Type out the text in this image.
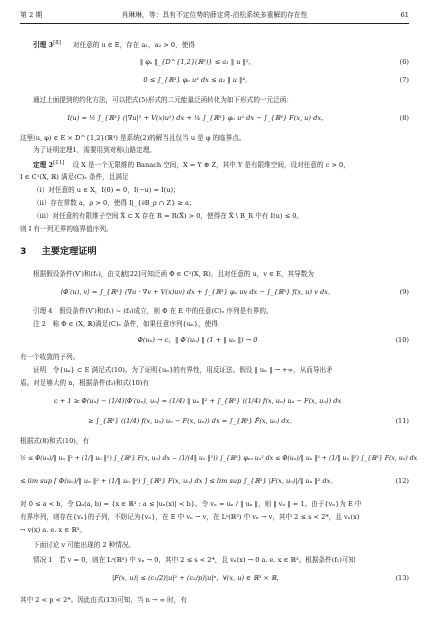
第 2 期	肖琳琳，等：具有不定位势的薛定谔-泊松系统多重解的存在性	61
引理 3[8] 对任意的 u ∈ E，存在 a₁，a₂ > 0，使得
‖ φᵤ ‖_{D^{1,2}(ℝ³)} ≤ a₁ ‖ u ‖²，	(6)
0 ≤ ∫_{ℝ³} φᵤ u² dx ≤ a₂ ‖ u ‖⁴。	(7)
通过上面提到的约化方法，可以把式(5)形式的二元能量泛函转化为如下形式的一元泛函：
I(u) = ½ ∫_{ℝ³} (|∇u|² + V(x)u²) dx + ¼ ∫_{ℝ³} φᵤ u² dx − ∫_{ℝ³} F(x, u) dx，	(8)
这里(u, φ) ∈ E × D^{1,2}(ℝ³) 是系统(2)的解当且仅当 u 是 φ 的临界点。
为了证明定理1，需要用到对称山路定理。
定理 2[11] 设 X 是一个无限维的 Banach 空间，X = Y ⊕ Z，其中 Y 是有限维空间，设对任意的 c > 0，
I ∈ C¹(X, ℝ) 满足(C)ₑ 条件，且满足
（ⅰ）对任意的 u ∈ X，I(0) = 0，I(−u) = I(u)；
（ⅱ）存在常数 a，ρ > 0，使得 I|_{∂B_ρ ∩ Z} ≥ a；
（ⅲ）对任意的有限维子空间 X̃ ⊂ X 存在 R = R(X̃) > 0，使得在 X̃ \ B_R 中有 I(u) ≤ 0。
则 I 有一列无界的临界值序列。
3 主要定理证明
根据假设条件(V′)和(f₁)，由文献[22]可知泛函 Φ ∈ C¹(X, ℝ)，且对任意的 u，v ∈ E，其导数为
⟨Φ′(u), v⟩ = ∫_{ℝ³} (∇u · ∇v + V(x)uv) dx + ∫_{ℝ³} φᵤ uv dx − ∫_{ℝ³} f(x, u) v dx。	(9)
引理 4　假设条件(V′)和(f₁) ~ (f₃)成立，则 Φ 在 E 中的任意(C)ₑ 序列是有界的。
注 2　称 Φ ∈ (X, ℝ)满足(C)ₑ 条件，如果任意序列{uₙ}，使得
Φ(uₙ) → c，‖ Φ′(uₙ) ‖ (1 + ‖ uₙ ‖) → 0	(10)
有一个收敛的子列。
证明　令{uₙ} ⊂ E 满足式(10)。为了证明{uₙ}的有界性，用反证法。假设 ‖ uₙ ‖ → +∞，从而导出矛
盾。对足够大的 n，根据条件(f₃)和式(10)有
c + 1 ≥ Φ(uₙ) − (1/4)⟨Φ′(uₙ), uₙ⟩ = (1/4) ‖ uₙ ‖² + ∫_{ℝ³} ((1/4) f(x, uₙ) uₙ − F(x, uₙ)) dx
≥ ∫_{ℝ³} ((1/4) f(x, uₙ) uₙ − F(x, uₙ)) dx = ∫_{ℝ³} F̃(x, uₙ) dx。	(11)
根据式(8)和式(10)，有
½ ≤ Φ(uₙ)/‖ uₙ ‖² + (1/‖ uₙ ‖²) ∫_{ℝ³} F(x, uₙ) dx − (1/(4‖ uₙ ‖²)) ∫_{ℝ³} φᵤₙ uₙ² dx ≤ Φ(uₙ)/‖ uₙ ‖² + (1/‖ uₙ ‖²) ∫_{ℝ³} F(x, uₙ) dx
≤ lim sup [ Φ(uₙ)/‖ uₙ ‖² + (1/‖ uₙ ‖²) ∫_{ℝ³} F(x, uₙ) dx ] ≤ lim sup ∫_{ℝ³} |F(x, uₙ)|/‖ uₙ ‖² dx。	(12)
对 0 ≤ a < b，令 Ωₙ(a, b) = {x ∈ ℝ³ : a ≤ |uₙ(x)| < b}。令 vₙ = uₙ / ‖ uₙ ‖，则 ‖ vₙ ‖ = 1。由于{vₙ}为 E 中
有界序列，则存在{vₙ}的子列，不妨记为{vₙ}，在 E 中 vₙ ⇀ v，在 Lˢ(ℝ³) 中 vₙ → v，其中 2 ≤ s < 2*，且 vₙ(x)
→ v(x) a. e. x ∈ ℝ³。
下面讨论 v 可能出现的 2 种情况。
情况 1　若 v = 0，则在 Lˢ(ℝ³) 中 vₙ → 0，其中 2 ≤ s < 2*，且 vₙ(x) → 0 a. e. x ∈ ℝ³。根据条件(f₁)可知
|F(x, u)| ≤ (c₁/2)|u|² + (c₂/p)|u|ᵖ，∀(x, u) ∈ ℝ³ × ℝ，	(13)
其中 2 < p < 2*。因此由式(13)可知，当 n → ∞ 时，有
